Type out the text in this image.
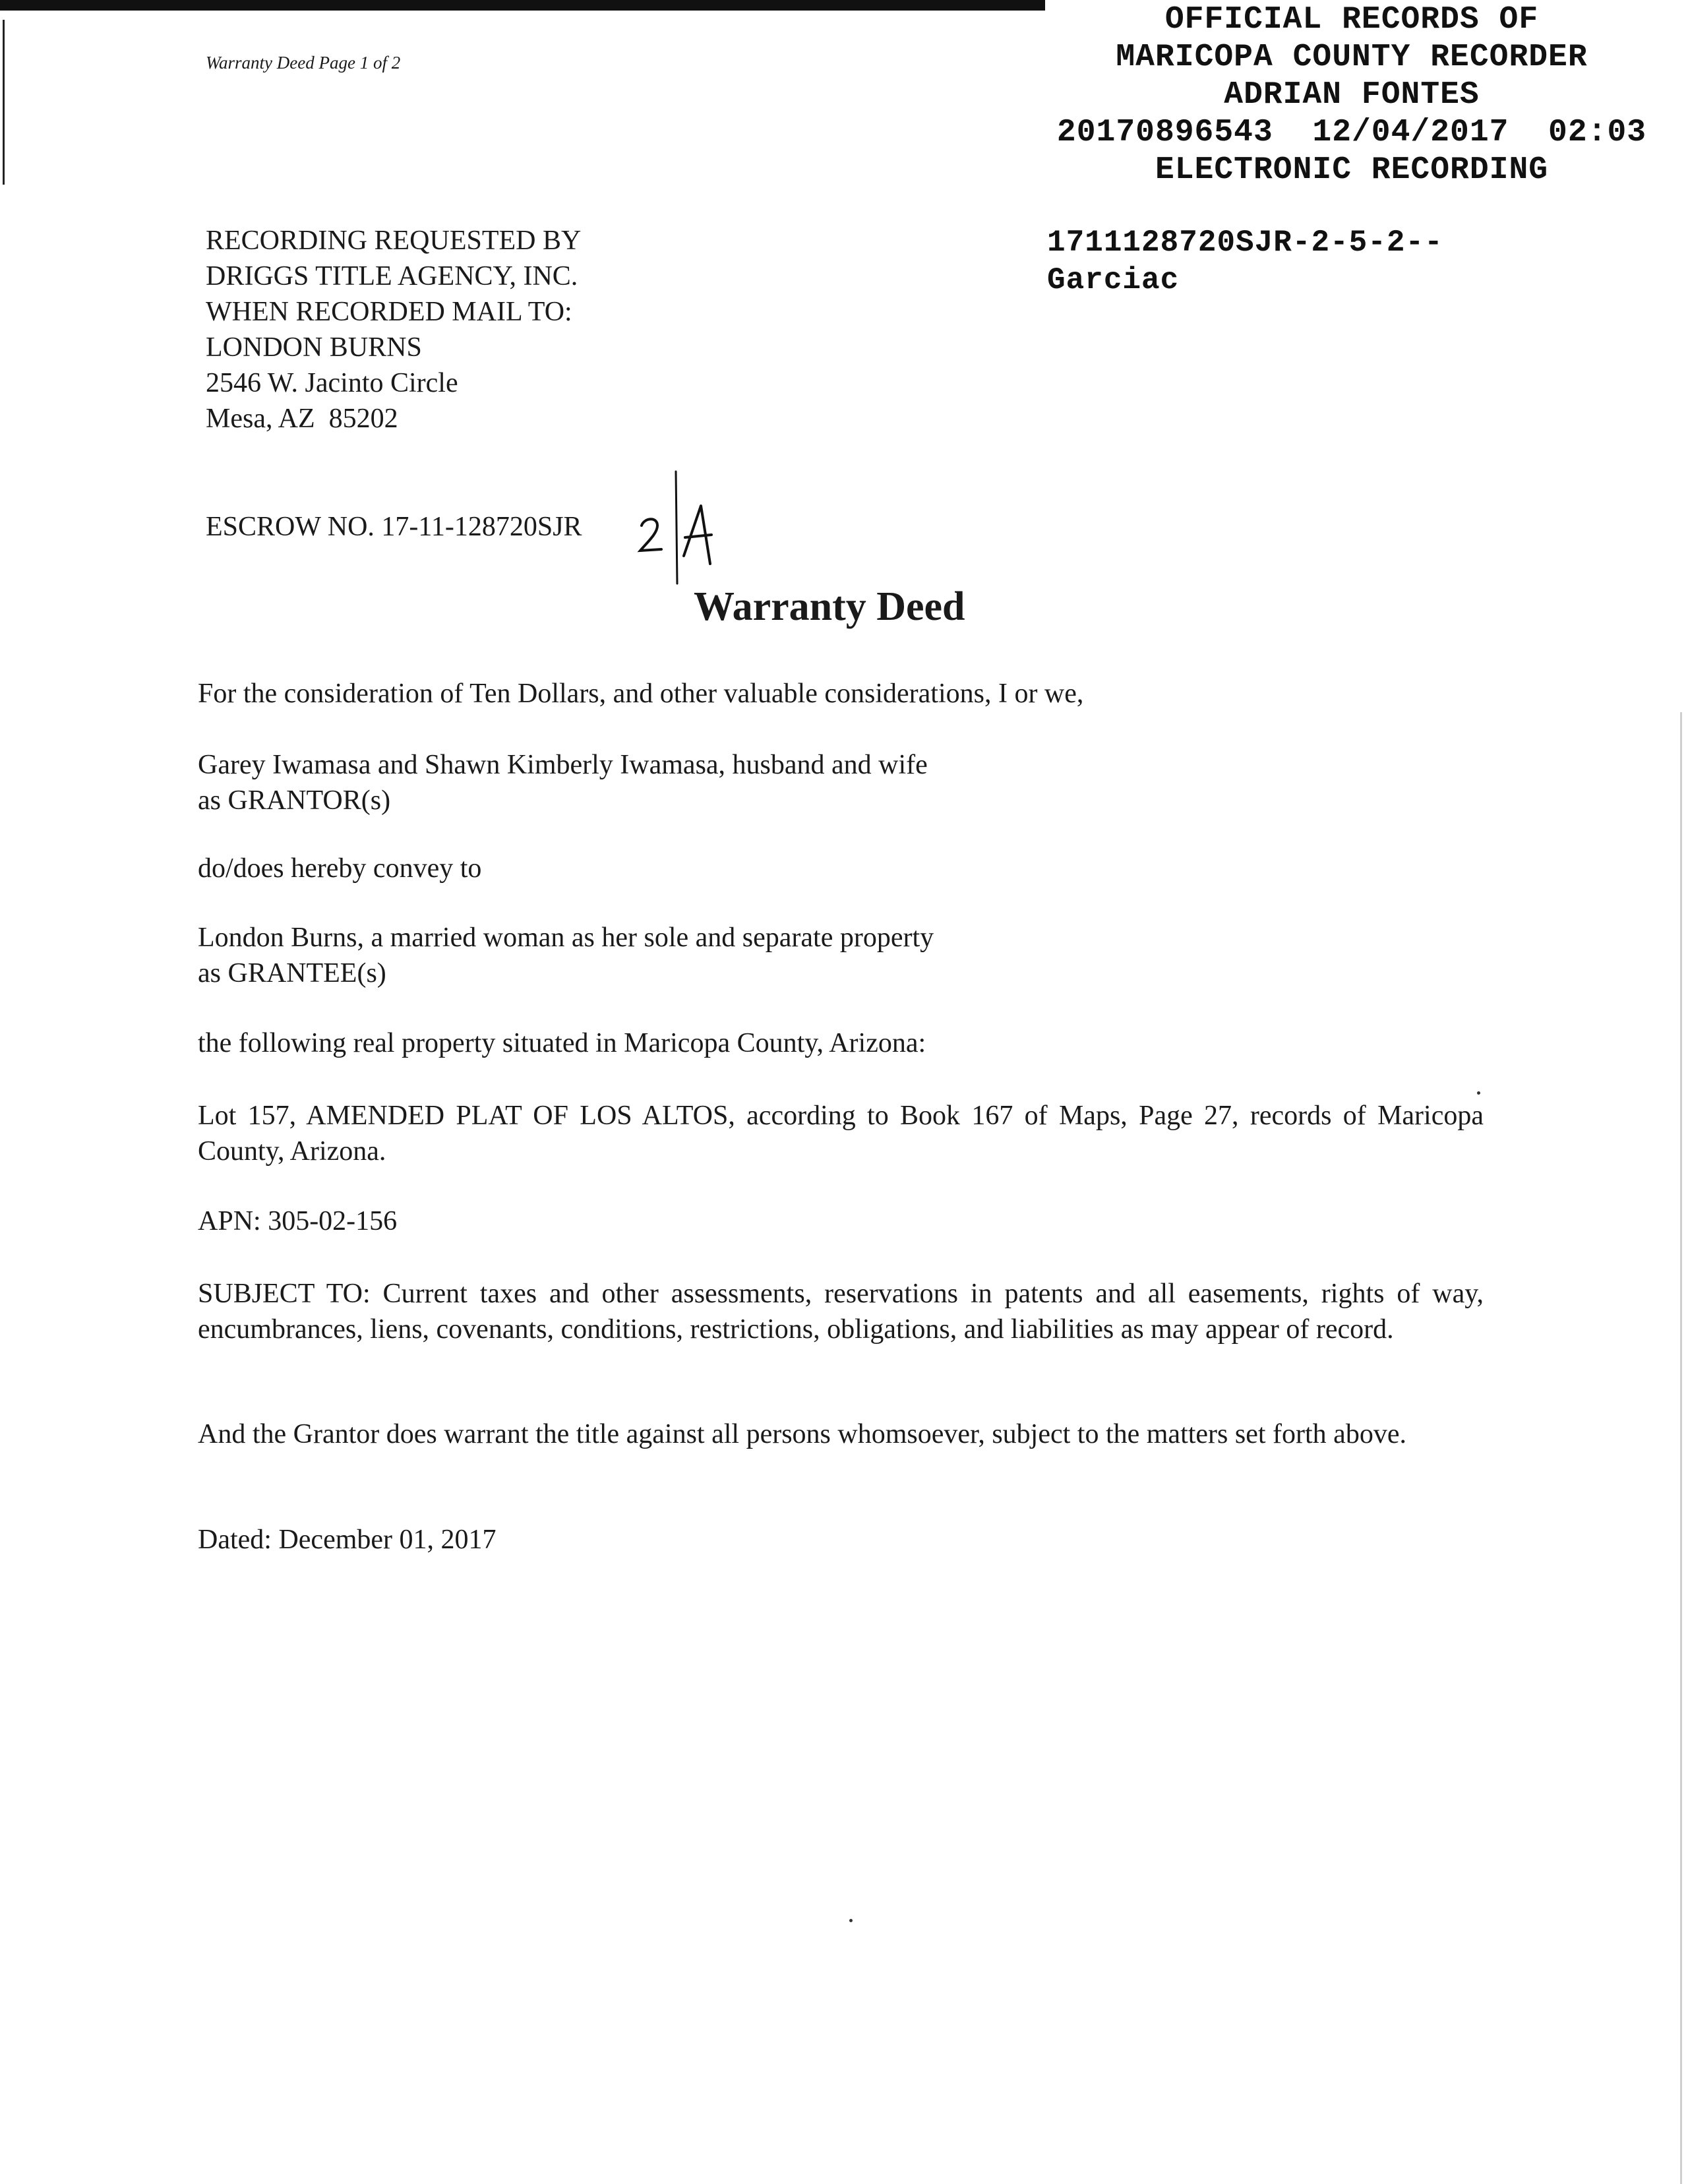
Warranty Deed Page 1 of 2
OFFICIAL RECORDS OF
MARICOPA COUNTY RECORDER
ADRIAN FONTES
20170896543  12/04/2017  02:03
ELECTRONIC RECORDING
1711128720SJR-2-5-2--
Garciac
RECORDING REQUESTED BY
DRIGGS TITLE AGENCY, INC.
WHEN RECORDED MAIL TO:
LONDON BURNS
2546 W. Jacinto Circle
Mesa, AZ  85202
ESCROW NO. 17-11-128720SJR
Warranty Deed
For the consideration of Ten Dollars, and other valuable considerations, I or we,
Garey Iwamasa and Shawn Kimberly Iwamasa, husband and wife
as GRANTOR(s)
do/does hereby convey to
London Burns, a married woman as her sole and separate property
as GRANTEE(s)
the following real property situated in Maricopa County, Arizona:
Lot 157, AMENDED PLAT OF LOS ALTOS, according to Book 167 of Maps, Page 27, records of Maricopa County, Arizona.
APN: 305-02-156
SUBJECT TO: Current taxes and other assessments, reservations in patents and all easements, rights of way, encumbrances, liens, covenants, conditions, restrictions, obligations, and liabilities as may appear of record.
And the Grantor does warrant the title against all persons whomsoever, subject to the matters set forth above.
Dated: December 01, 2017
